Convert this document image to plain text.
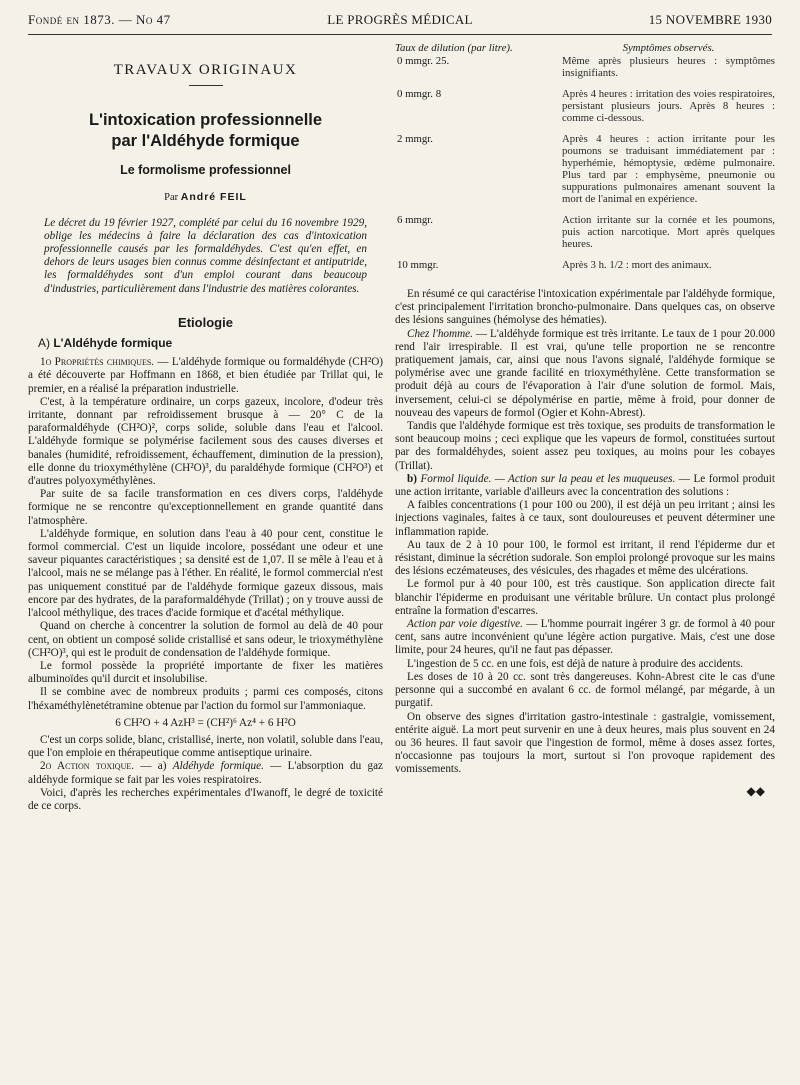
Fondé en 1873. — No 47	LE PROGRÈS MÉDICAL	15 NOVEMBRE 1930
TRAVAUX ORIGINAUX
L'intoxication professionnelle
par l'Aldéhyde formique
Le formolisme professionnel
Par André FEIL
Le décret du 19 février 1927, complété par celui du 16 novembre 1929, oblige les médecins à faire la déclaration des cas d'intoxication professionnelle causés par les formaldéhydes. C'est qu'en effet, en dehors de leurs usages bien connus comme désinfectant et antiputride, les formaldéhydes sont d'un emploi courant dans beaucoup d'industries, particulièrement dans l'industrie des matières colorantes.
Etiologie
A) L'Aldéhyde formique

1o Propriétés chimiques. — L'aldéhyde formique ou formaldéhyde (CH²O) a été découverte par Hoffmann en 1868, et bien étudiée par Trillat qui, le premier, en a réalisé la préparation industrielle.

C'est, à la température ordinaire, un corps gazeux, incolore, d'odeur très irritante, donnant par refroidissement brusque à — 20° C de la paraformaldéhyde (CH²O)², corps solide, soluble dans l'eau et l'alcool. L'aldéhyde formique se polymérise facilement sous des causes diverses et banales (humidité, refroidissement, échauffement, diminution de la pression), elle donne du trioxyméthylène (CH²O)³, du paraldéhyde formique (CH²O³) et d'autres polyoxyméthylènes.

Par suite de sa facile transformation en ces divers corps, l'aldéhyde formique ne se rencontre qu'exceptionnellement en grande quantité dans l'atmosphère.

L'aldéhyde formique, en solution dans l'eau à 40 pour cent, constitue le formol commercial. C'est un liquide incolore, possédant une odeur et une saveur piquantes caractéristiques ; sa densité est de 1,07. Il se mêle à l'eau et à l'alcool, mais ne se mélange pas à l'éther. En réalité, le formol commercial n'est pas uniquement constitué par de l'aldéhyde formique gazeux dissous, mais encore par des hydrates, de la paraformaldéhyde (Trillat) ; on y trouve aussi de l'alcool méthylique, des traces d'acide formique et d'acétal méthylique.

Quand on cherche à concentrer la solution de formol au delà de 40 pour cent, on obtient un composé solide cristallisé et sans odeur, le trioxyméthylène (CH²O)³, qui est le produit de condensation de l'aldéhyde formique.

Le formol possède la propriété importante de fixer les matières albuminoïdes qu'il durcit et insolubilise.

Il se combine avec de nombreux produits ; parmi ces composés, citons l'héxaméthylènetétramine obtenue par l'action du formol sur l'ammoniaque.

6 CH²O + 4 AzH³ = (CH²)⁶ Az⁴ + 6 H²O

C'est un corps solide, blanc, cristallisé, inerte, non volatil, soluble dans l'eau, que l'on emploie en thérapeutique comme antiseptique urinaire.

2o Action toxique. — a) Aldéhyde formique. — L'absorption du gaz aldéhyde formique se fait par les voies respiratoires.

Voici, d'après les recherches expérimentales d'Iwanoff, le degré de toxicité de ce corps.

Taux de dilution (par litre).	Symptômes observés.
0 mmgr. 25.	Même après plusieurs heures : symptômes insignifiants.
0 mmgr. 8	Après 4 heures : irritation des voies respiratoires, persistant plusieurs jours. Après 8 heures : comme ci-dessous.
2 mmgr.	Après 4 heures : action irritante pour les poumons se traduisant immédiatement par : hyperhémie, hémoptysie, œdème pulmonaire. Plus tard par : emphysème, pneumonie ou suppurations pulmonaires amenant souvent la mort de l'animal en expérience.
6 mmgr.	Action irritante sur la cornée et les poumons, puis action narcotique. Mort après quelques heures.
10 mmgr.	Après 3 h. 1/2 : mort des animaux.

En résumé ce qui caractérise l'intoxication expérimentale par l'aldéhyde formique, c'est principalement l'irritation broncho-pulmonaire. Dans quelques cas, on observe des lésions sanguines (hémolyse des hématies).

Chez l'homme. — L'aldéhyde formique est très irritante. Le taux de 1 pour 20.000 rend l'air irrespirable. Il est vrai, qu'une telle proportion ne se rencontre pratiquement jamais, car, ainsi que nous l'avons signalé, l'aldéhyde formique se polymérise avec une grande facilité en trioxyméthylène. Cette transformation se produit déjà au cours de l'évaporation à l'air d'une solution de formol. Mais, inversement, celui-ci se dépolymérise en partie, même à froid, pour donner de nouveau des vapeurs de formol (Ogier et Kohn-Abrest).

Tandis que l'aldéhyde formique est très toxique, ses produits de transformation le sont beaucoup moins ; ceci explique que les vapeurs de formol, constituées surtout par des formaldéhydes, soient assez peu toxiques, au moins pour les cobayes (Trillat).

b) Formol liquide. — Action sur la peau et les muqueuses. — Le formol produit une action irritante, variable d'ailleurs avec la concentration des solutions :

A faibles concentrations (1 pour 100 ou 200), il est déjà un peu irritant ; ainsi les injections vaginales, faites à ce taux, sont douloureuses et peuvent déterminer une inflammation rapide.

Au taux de 2 à 10 pour 100, le formol est irritant, il rend l'épiderme dur et résistant, diminue la sécrétion sudorale. Son emploi prolongé provoque sur les mains des lésions eczémateuses, des vésicules, des rhagades et même des ulcérations.

Le formol pur à 40 pour 100, est très caustique. Son application directe fait blanchir l'épiderme en produisant une véritable brûlure. Un contact plus prolongé entraîne la formation d'escarres.

Action par voie digestive. — L'homme pourrait ingérer 3 gr. de formol à 40 pour cent, sans autre inconvénient qu'une légère action purgative. Mais, c'est une dose limite, pour 24 heures, qu'il ne faut pas dépasser.

L'ingestion de 5 cc. en une fois, est déjà de nature à produire des accidents.

Les doses de 10 à 20 cc. sont très dangereuses. Kohn-Abrest cite le cas d'une personne qui a succombé en avalant 6 cc. de formol mélangé, par mégarde, à un purgatif.

On observe des signes d'irritation gastro-intestinale : gastralgie, vomissement, entérite aiguë. La mort peut survenir en une à deux heures, mais plus souvent en 24 ou 36 heures. Il faut savoir que l'ingestion de formol, même à doses assez fortes, n'occasionne pas toujours la mort, surtout si l'on provoque rapidement des vomissements.

◆◆
